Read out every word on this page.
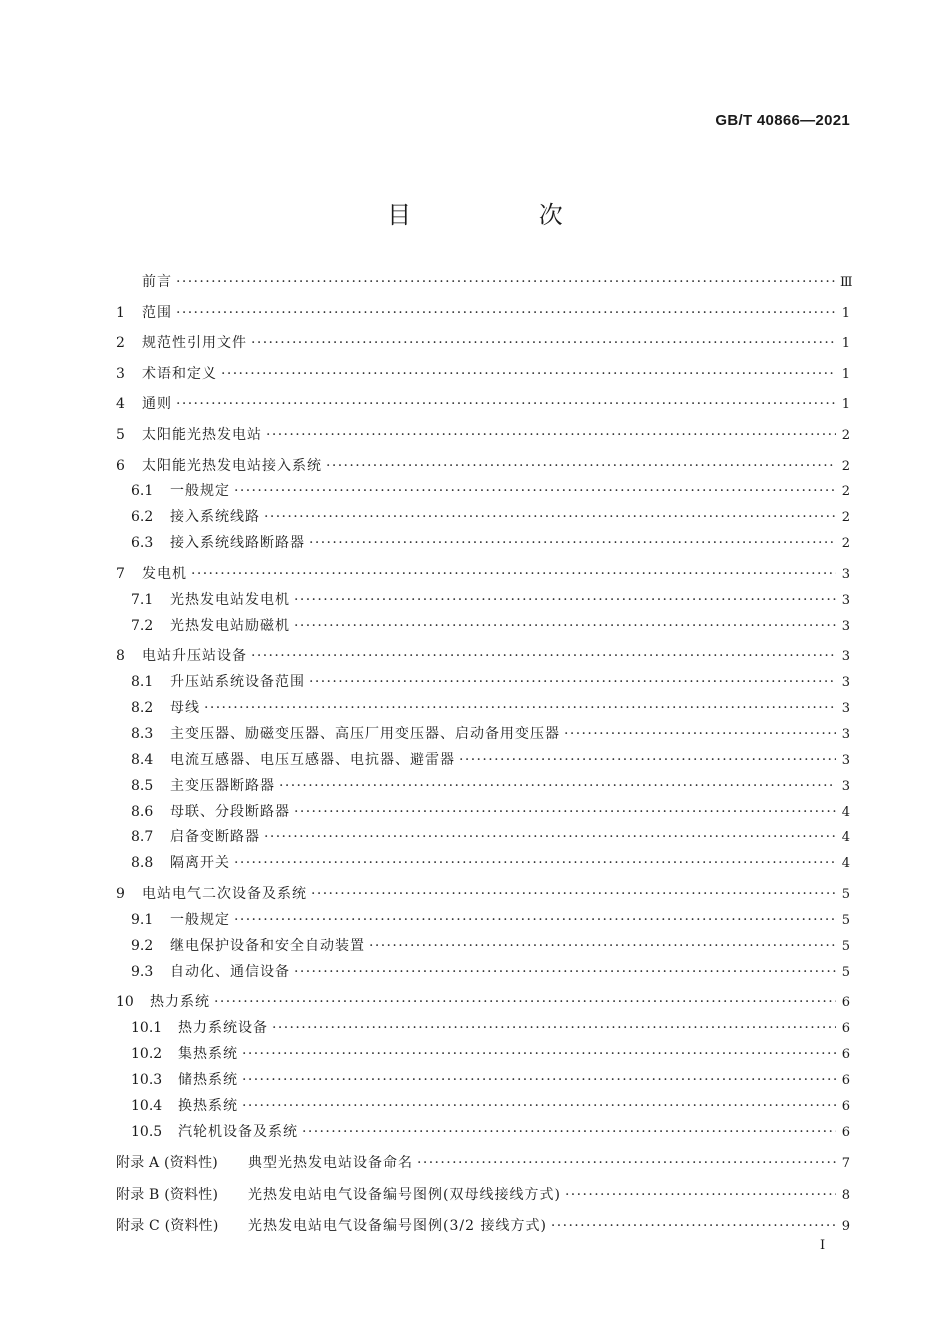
GB/T 40866—2021
目 次
前言 ·····	Ⅲ
1	范围 ·····	1
2	规范性引用文件 ·····	1
3	术语和定义 ·····	1
4	通则 ·····	1
5	太阳能光热发电站 ·····	2
6	太阳能光热发电站接入系统 ·····	2
6.1	一般规定 ·····	2
6.2	接入系统线路 ·····	2
6.3	接入系统线路断路器 ·····	2
7	发电机 ·····	3
7.1	光热发电站发电机 ·····	3
7.2	光热发电站励磁机 ·····	3
8	电站升压站设备 ·····	3
8.1	升压站系统设备范围 ·····	3
8.2	母线 ·····	3
8.3	主变压器、励磁变压器、高压厂用变压器、启动备用变压器 ·····	3
8.4	电流互感器、电压互感器、电抗器、避雷器 ·····	3
8.5	主变压器断路器 ·····	3
8.6	母联、分段断路器 ·····	4
8.7	启备变断路器 ·····	4
8.8	隔离开关 ·····	4
9	电站电气二次设备及系统 ·····	5
9.1	一般规定 ·····	5
9.2	继电保护设备和安全自动装置 ·····	5
9.3	自动化、通信设备 ·····	5
10	热力系统 ·····	6
10.1	热力系统设备 ·····	6
10.2	集热系统 ·····	6
10.3	储热系统 ·····	6
10.4	换热系统 ·····	6
10.5	汽轮机设备及系统 ·····	6
附录 A (资料性)	典型光热发电站设备命名 ·····	7
附录 B (资料性)	光热发电站电气设备编号图例(双母线接线方式) ·····	8
附录 C (资料性)	光热发电站电气设备编号图例(3/2 接线方式) ·····	9
I
